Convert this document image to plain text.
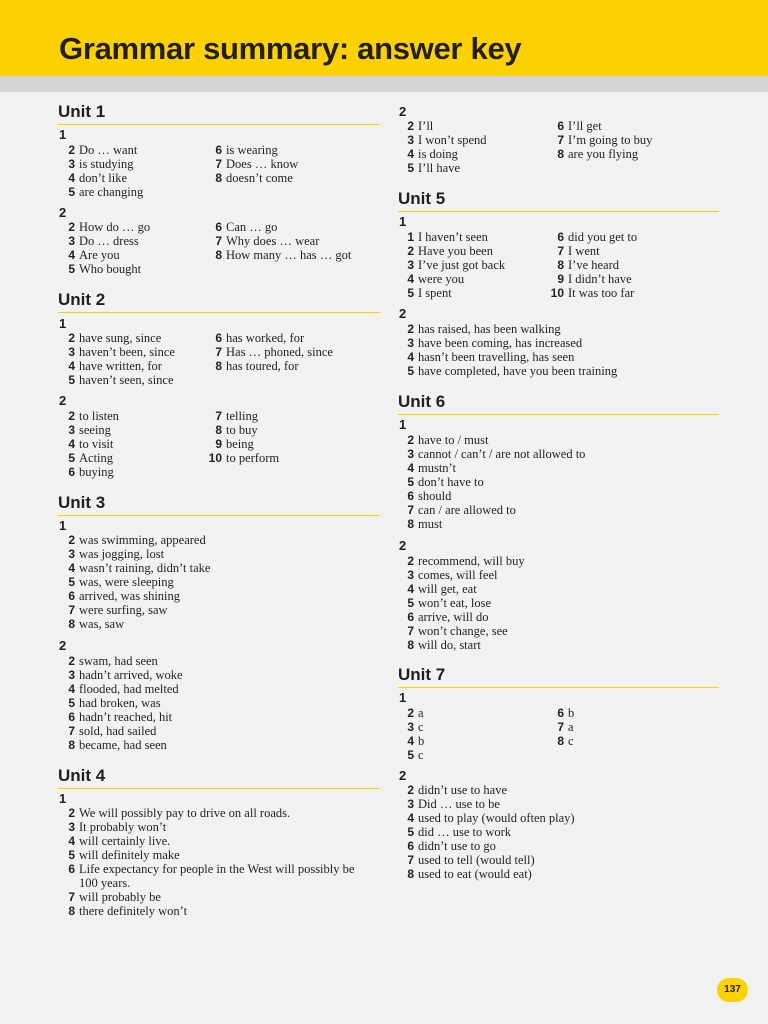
Grammar summary: answer key
Unit 1
1
2
Unit 2
1
2
Unit 3
1
2
Unit 4
1
2 Do … want
3 is studying
4 don’t like
5 are changing
6 is wearing
7 Does … know
8 doesn’t come
2 How do … go
3 Do … dress
4 Are you
5 Who bought
6 Can … go
7 Why does … wear
8 How many … has … got
2 have sung, since
3 haven’t been, since
4 have written, for
5 haven’t seen, since
6 has worked, for
7 Has … phoned, since
8 has toured, for
2 to listen
3 seeing
4 to visit
5 Acting
6 buying
7 telling
8 to buy
9 being
10 to perform
2 was swimming, appeared
3 was jogging, lost
4 wasn’t raining, didn’t take
5 was, were sleeping
6 arrived, was shining
7 were surfing, saw
8 was, saw
2 swam, had seen
3 hadn’t arrived, woke
4 flooded, had melted
5 had broken, was
6 hadn’t reached, hit
7 sold, had sailed
8 became, had seen
2 We will possibly pay to drive on all roads.
3 It probably won’t
4 will certainly live.
5 will definitely make
6 Life expectancy for people in the West will possibly be 100 years.
7 will probably be
8 there definitely won’t
2
Unit 5
1
2
Unit 6
1
2
Unit 7
1
2
2 I’ll
3 I won’t spend
4 is doing
5 I’ll have
6 I’ll get
7 I’m going to buy
8 are you flying
1 I haven’t seen
2 Have you been
3 I’ve just got back
4 were you
5 I spent
6 did you get to
7 I went
8 I’ve heard
9 I didn’t have
10 It was too far
2 has raised, has been walking
3 have been coming, has increased
4 hasn’t been travelling, has seen
5 have completed, have you been training
2 have to / must
3 cannot / can’t / are not allowed to
4 mustn’t
5 don’t have to
6 should
7 can / are allowed to
8 must
2 recommend, will buy
3 comes, will feel
4 will get, eat
5 won’t eat, lose
6 arrive, will do
7 won’t change, see
8 will do, start
2 a
3 c
4 b
5 c
6 b
7 a
8 c
2 didn’t use to have
3 Did … use to be
4 used to play (would often play)
5 did … use to work
6 didn’t use to go
7 used to tell (would tell)
8 used to eat (would eat)
137
